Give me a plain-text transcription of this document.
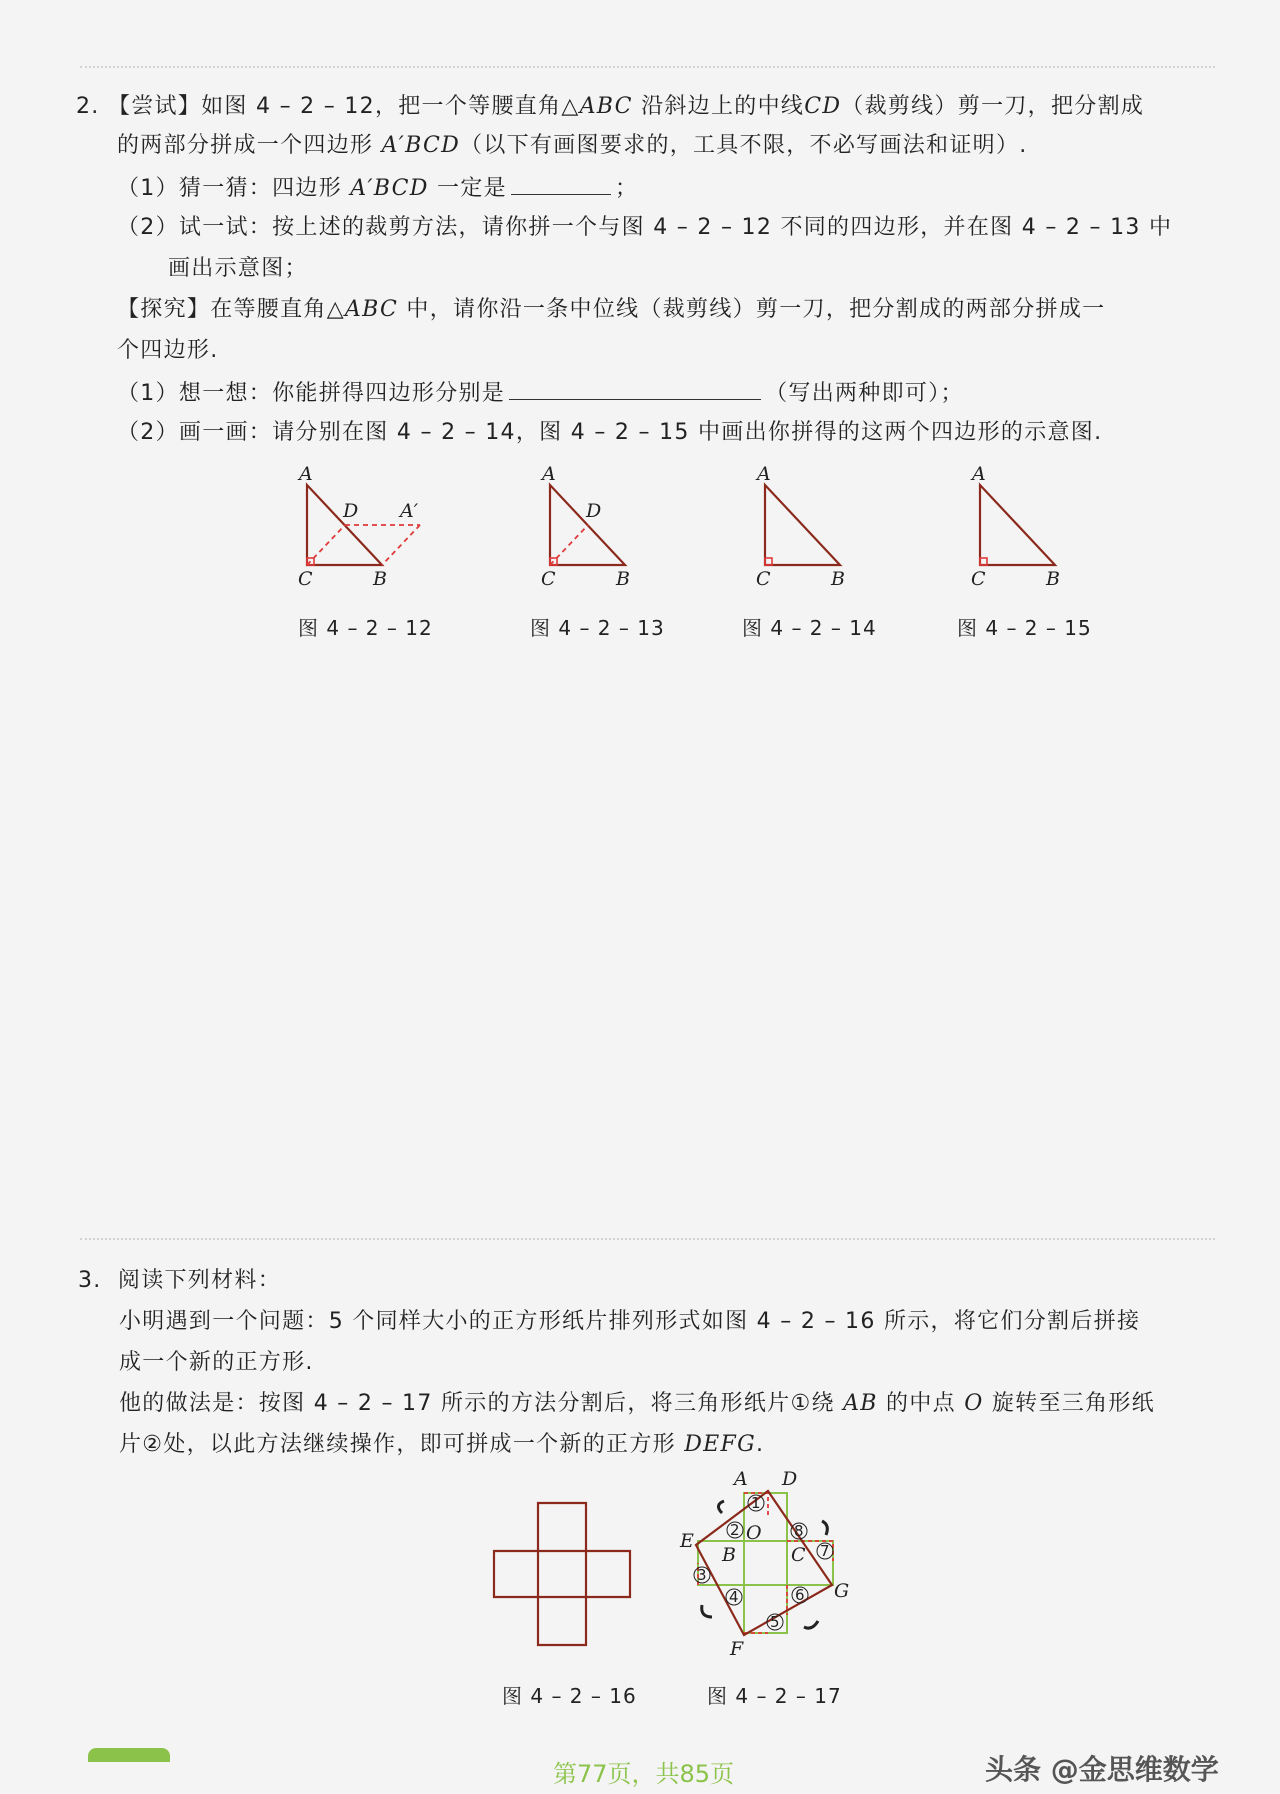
2. 【尝试】如图 4 – 2 – 12，把一个等腰直角△ABC 沿斜边上的中线CD（裁剪线）剪一刀，把分割成
的两部分拼成一个四边形 A′BCD（以下有画图要求的，工具不限，不必写画法和证明）.
（1）猜一猜：四边形 A′BCD 一定是	；
（2）试一试：按上述的裁剪方法，请你拼一个与图 4 – 2 – 12 不同的四边形，并在图 4 – 2 – 13 中
画出示意图；
【探究】在等腰直角△ABC 中，请你沿一条中位线（裁剪线）剪一刀，把分割成的两部分拼成一
个四边形.
（1）想一想：你能拼得四边形分别是	（写出两种即可）；
（2）画一画：请分别在图 4 – 2 – 14，图 4 – 2 – 15 中画出你拼得的这两个四边形的示意图.
A
D A′
C	B
图 4 – 2 – 12
A
D
C	B
图 4 – 2 – 13
A
C	B
图 4 – 2 – 14
A
C	B
图 4 – 2 – 15
3. 阅读下列材料：
小明遇到一个问题：5 个同样大小的正方形纸片排列形式如图 4 – 2 – 16 所示，将它们分割后拼接
成一个新的正方形.
他的做法是：按图 4 – 2 – 17 所示的方法分割后，将三角形纸片①绕 AB 的中点 O 旋转至三角形纸
片②处，以此方法继续操作，即可拼成一个新的正方形 DEFG.
图 4 – 2 – 16
1
2
3
4
5
6
7
8
A D
E	O
B	C
G
F
图 4 – 2 – 17
第77页，共85页	头条 @金思维数学
